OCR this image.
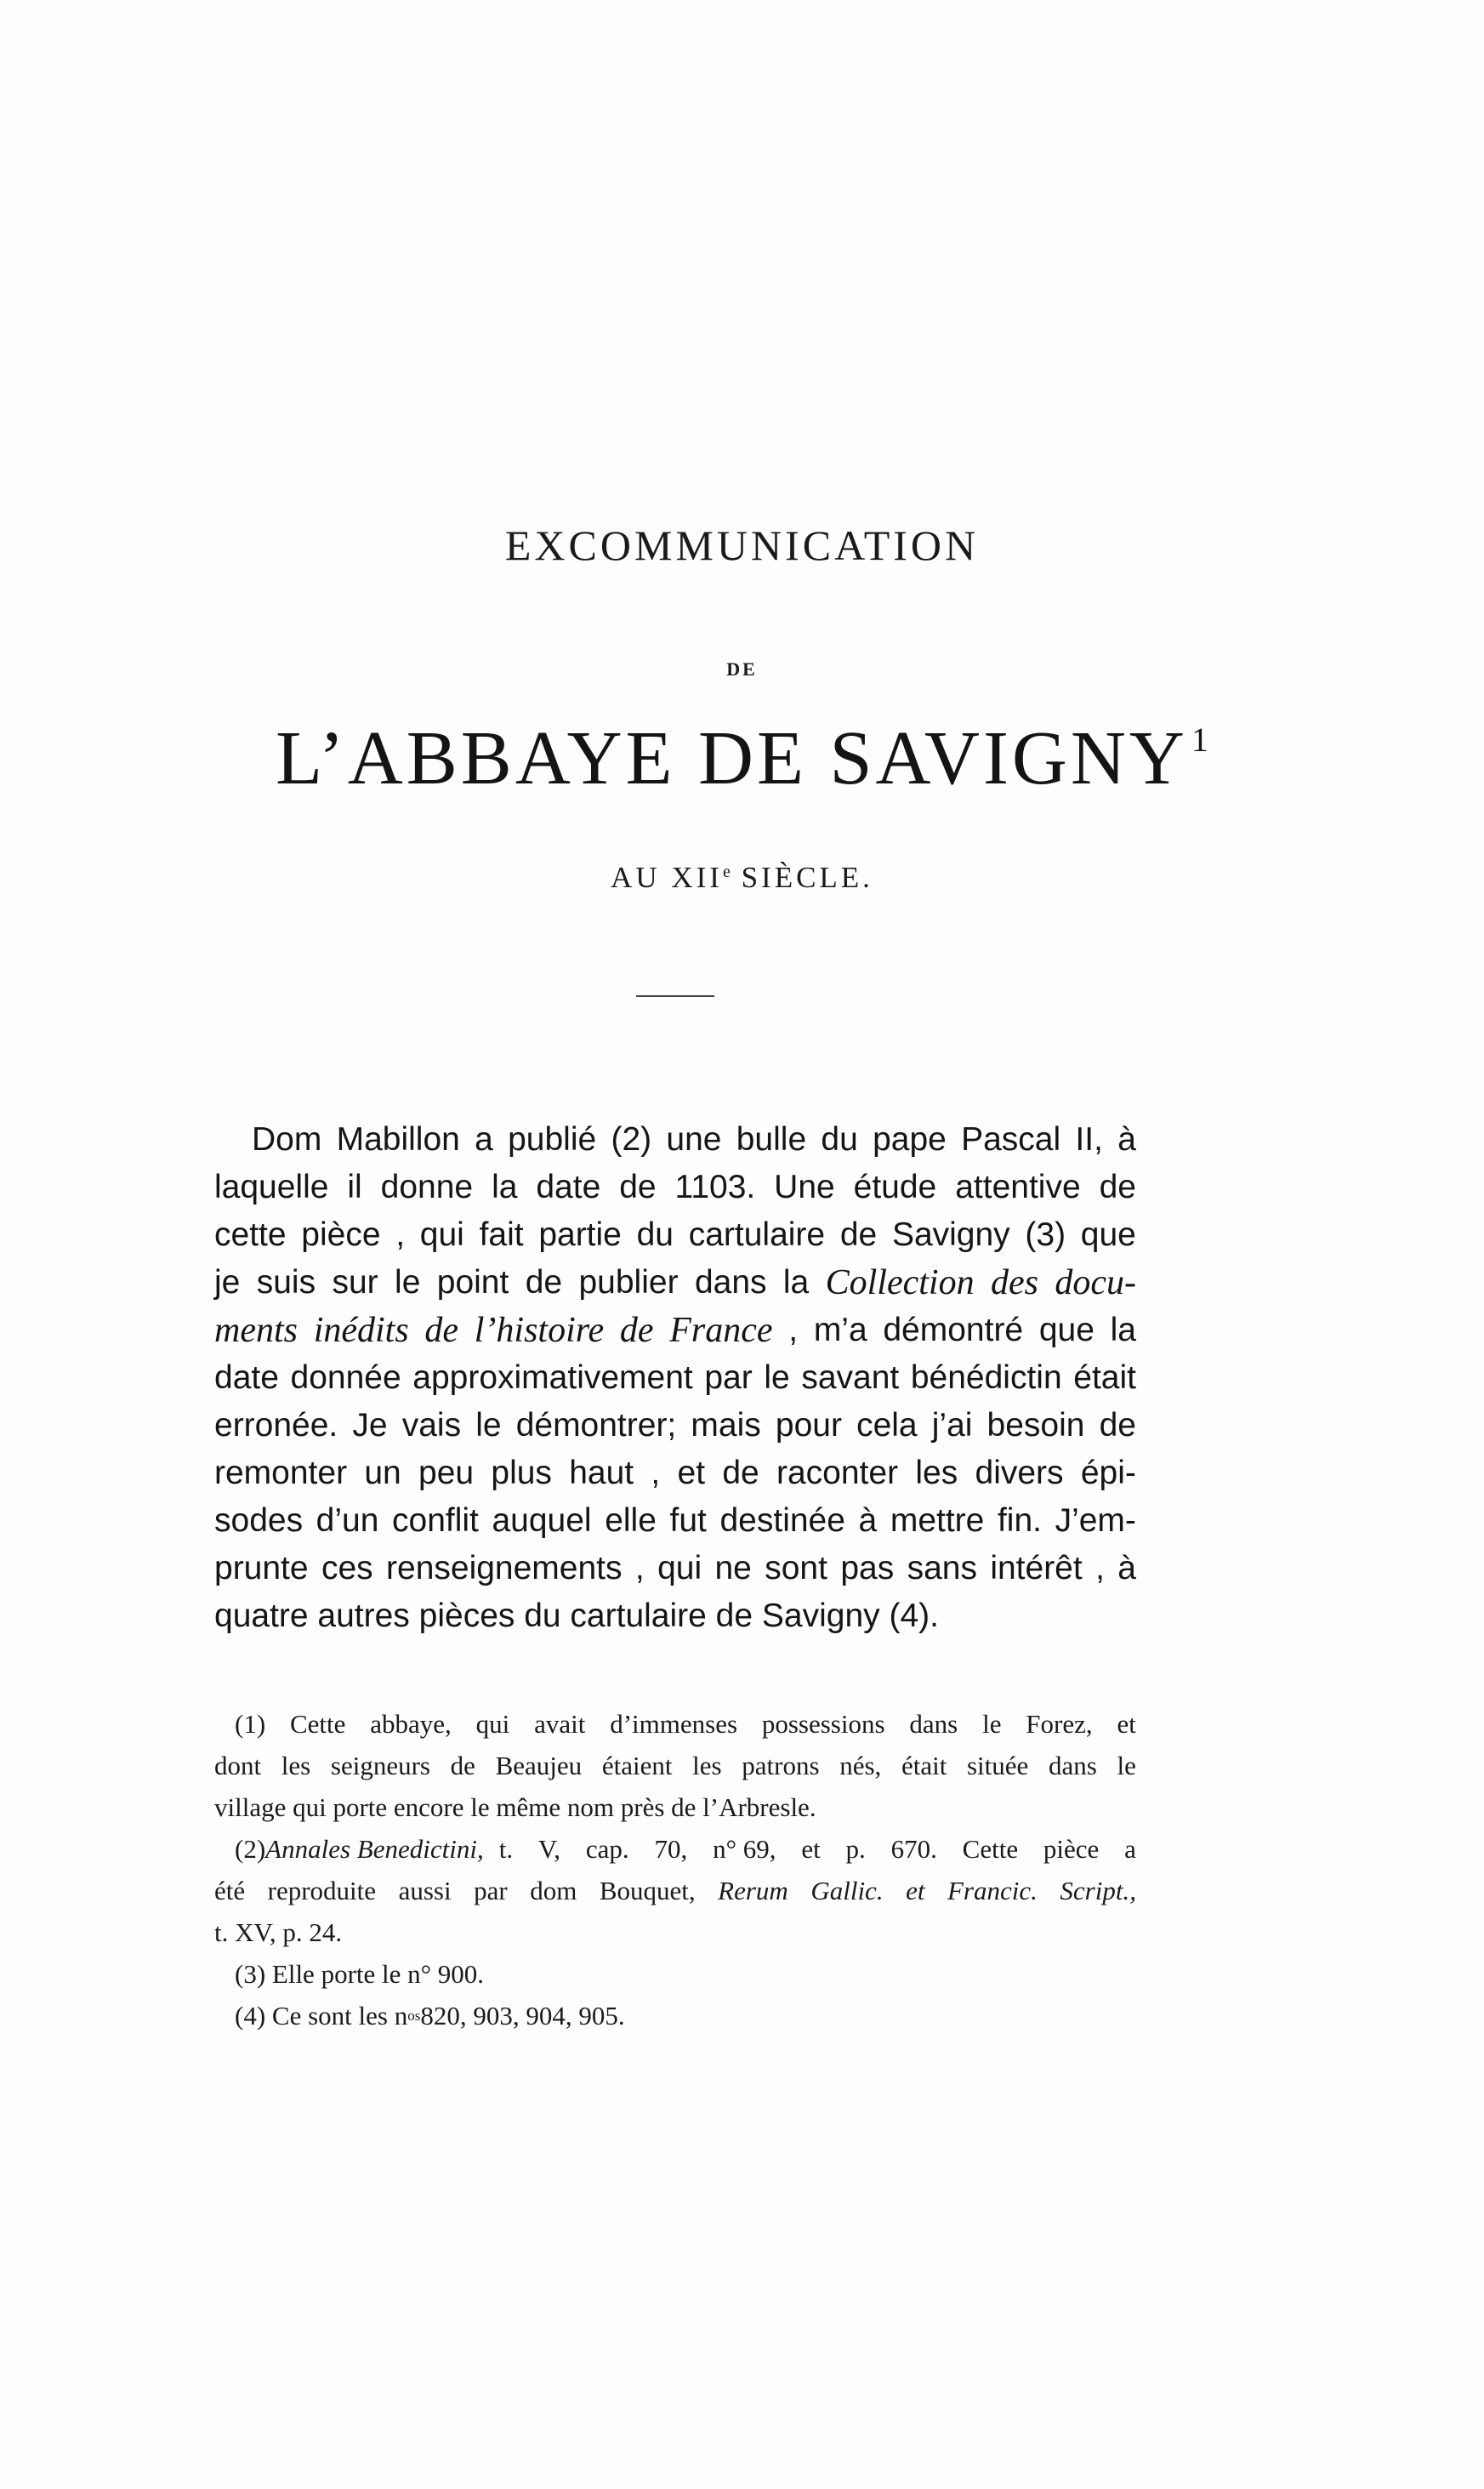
EXCOMMUNICATION
DE
L’ABBAYE DE SAVIGNY $^1$
AU XIIe SIÈCLE.
Dom Mabillon a publié (2) une bulle du pape Pascal II, à
laquelle il donne la date de 1103. Une étude attentive de
cette pièce , qui fait partie du cartulaire de Savigny (3) que
je suis sur le point de publier dans la Collection des docu-
ments inédits de l’histoire de France , m’a démontré que la
date donnée approximativement par le savant bénédictin était
erronée. Je vais le démontrer; mais pour cela j’ai besoin de
remonter un peu plus haut , et de raconter les divers épi-
sodes d’un conflit auquel elle fut destinée à mettre fin. J’em-
prunte ces renseignements , qui ne sont pas sans intérêt , à
quatre autres pièces du cartulaire de Savigny (4).
(1) Cette abbaye, qui avait d’immenses possessions dans le Forez, et
dont les seigneurs de Beaujeu étaient les patrons nés, était située dans le
village qui porte encore le même nom près de l’Arbresle.
(2) Annales Benedictini, t. V, cap. 70, n° 69, et p. 670. Cette pièce a
été reproduite aussi par dom Bouquet, Rerum Gallic. et Francic. Script.,
t. XV, p. 24.
(3) Elle porte le n° 900.
(4) Ce sont les n os 820, 903, 904, 905.
